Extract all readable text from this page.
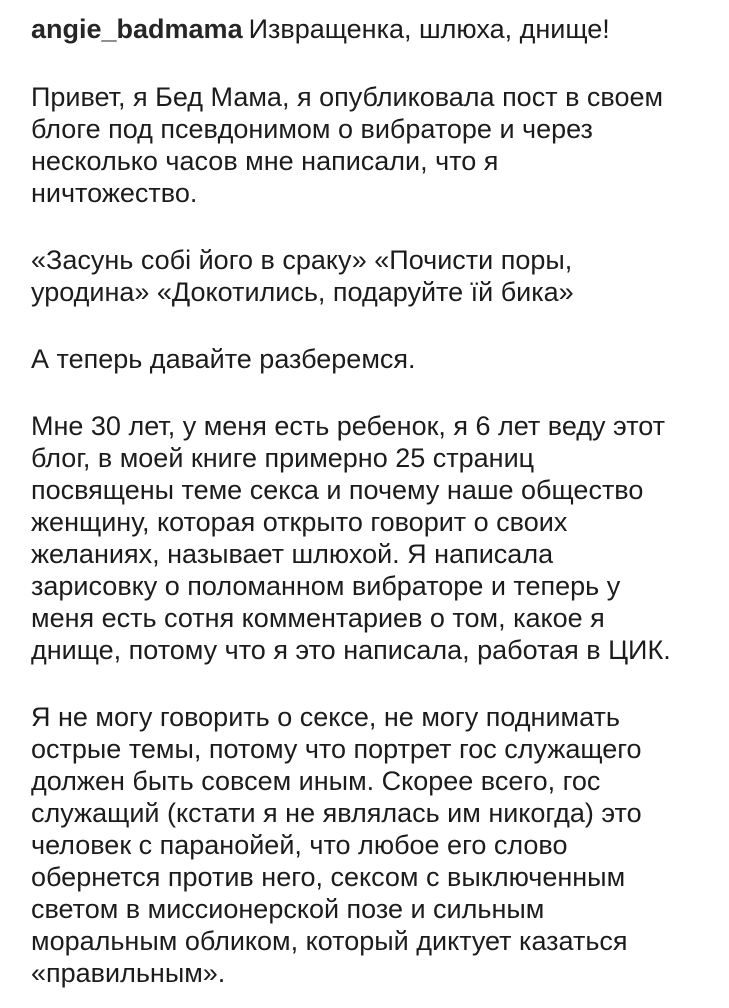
angie_badmama Извращенка, шлюха, днище!
Привет, я Бед Мама, я опубликовала пост в своем
блоге под псевдонимом о вибраторе и через
несколько часов мне написали, что я
ничтожество.
«Засунь собі його в сраку» «Почисти поры,
уродина» «Докотились, подаруйте їй бика»
А теперь давайте разберемся.
Мне 30 лет, у меня есть ребенок, я 6 лет веду этот
блог, в моей книге примерно 25 страниц
посвящены теме секса и почему наше общество
женщину, которая открыто говорит о своих
желаниях, называет шлюхой. Я написала
зарисовку о поломанном вибраторе и теперь у
меня есть сотня комментариев о том, какое я
днище, потому что я это написала, работая в ЦИК.
Я не могу говорить о сексе, не могу поднимать
острые темы, потому что портрет гос служащего
должен быть совсем иным. Скорее всего, гос
служащий (кстати я не являлась им никогда) это
человек с паранойей, что любое его слово
обернется против него, сексом с выключенным
светом в миссионерской позе и сильным
моральным обликом, который диктует казаться
«правильным».
